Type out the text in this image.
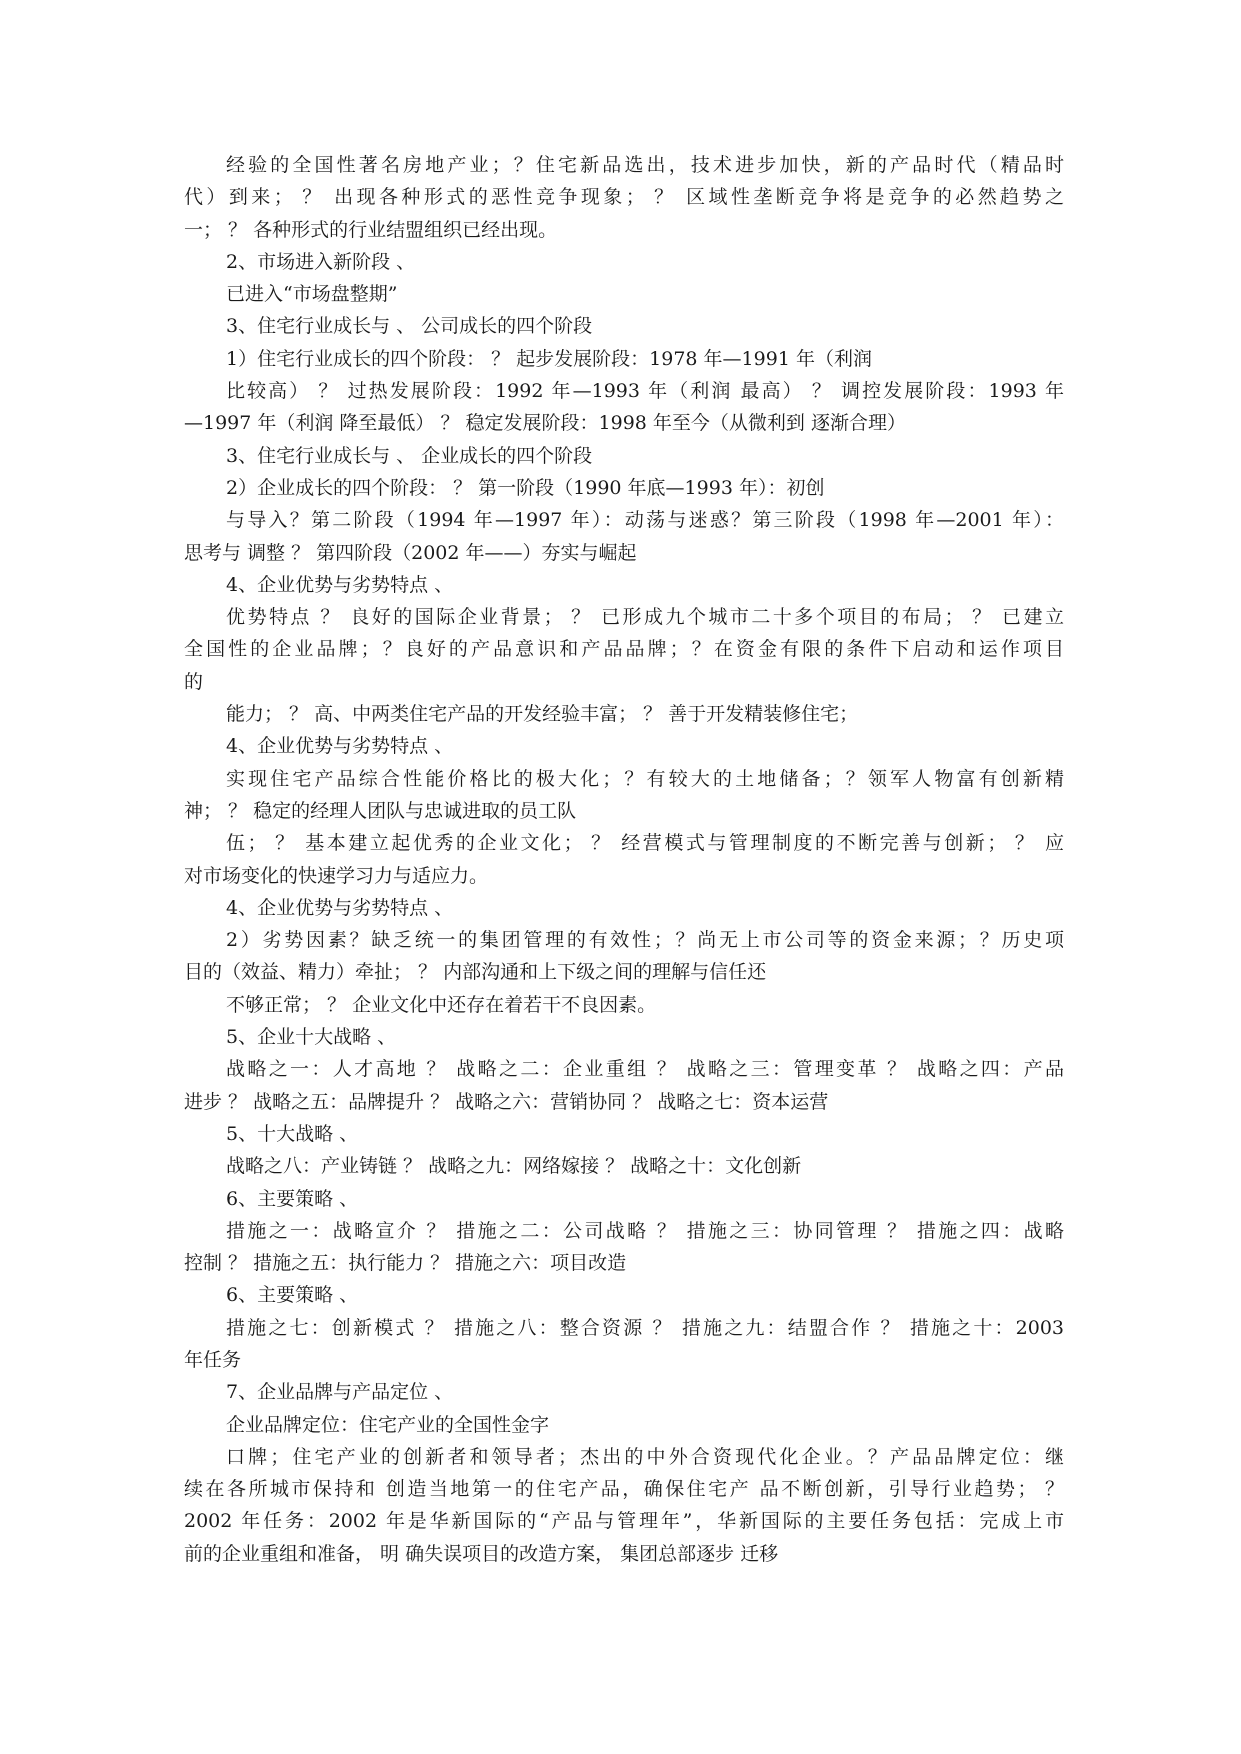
经验的全国性著名房地产业；？住宅新品选出，技术进步加快，新的产品时代（精品时
代）到来； ？ 出现各种形式的恶性竞争现象； ？ 区域性垄断竞争将是竞争的必然趋势之
一； ？ 各种形式的行业结盟组织已经出现。
2、市场进入新阶段 、
已进入“市场盘整期”
3、住宅行业成长与 、 公司成长的四个阶段
1）住宅行业成长的四个阶段： ？ 起步发展阶段：1978 年—1991 年（利润
比较高） ？ 过热发展阶段：1992 年—1993 年（利润 最高） ？ 调控发展阶段：1993 年
—1997 年（利润 降至最低） ？ 稳定发展阶段：1998 年至今（从微利到 逐渐合理）
3、住宅行业成长与 、 企业成长的四个阶段
2）企业成长的四个阶段： ？ 第一阶段（1990 年底—1993 年）：初创
与导入？第二阶段（1994 年—1997 年）：动荡与迷惑？第三阶段（1998 年—2001 年）：
思考与 调整 ？ 第四阶段（2002 年——）夯实与崛起
4、企业优势与劣势特点 、
优势特点 ？ 良好的国际企业背景； ？ 已形成九个城市二十多个项目的布局； ？ 已建立
全国性的企业品牌；？良好的产品意识和产品品牌；？在资金有限的条件下启动和运作项目
的
能力； ？ 高、中两类住宅产品的开发经验丰富； ？ 善于开发精装修住宅；
4、企业优势与劣势特点 、
实现住宅产品综合性能价格比的极大化；？有较大的土地储备；？领军人物富有创新精
神； ？ 稳定的经理人团队与忠诚进取的员工队
伍； ？ 基本建立起优秀的企业文化； ？ 经营模式与管理制度的不断完善与创新； ？ 应
对市场变化的快速学习力与适应力。
4、企业优势与劣势特点 、
2）劣势因素？缺乏统一的集团管理的有效性；？尚无上市公司等的资金来源；？历史项
目的（效益、精力）牵扯； ？ 内部沟通和上下级之间的理解与信任还
不够正常； ？ 企业文化中还存在着若干不良因素。
5、企业十大战略 、
战略之一：人才高地 ？ 战略之二：企业重组 ？ 战略之三：管理变革 ？ 战略之四：产品
进步 ？ 战略之五：品牌提升 ？ 战略之六：营销协同 ？ 战略之七：资本运营
5、十大战略 、
战略之八：产业铸链 ？ 战略之九：网络嫁接 ？ 战略之十：文化创新
6、主要策略 、
措施之一：战略宣介 ？ 措施之二：公司战略 ？ 措施之三：协同管理 ？ 措施之四：战略
控制 ？ 措施之五：执行能力 ？ 措施之六：项目改造
6、主要策略 、
措施之七：创新模式 ？ 措施之八：整合资源 ？ 措施之九：结盟合作 ？ 措施之十：2003
年任务
7、企业品牌与产品定位 、
企业品牌定位：住宅产业的全国性金字
口牌；住宅产业的创新者和领导者；杰出的中外合资现代化企业。？产品品牌定位：继
续在各所城市保持和 创造当地第一的住宅产品，确保住宅产 品不断创新，引导行业趋势； ？
2002 年任务：2002 年是华新国际的“产品与管理年”，华新国际的主要任务包括：完成上市
前的企业重组和准备， 明 确失误项目的改造方案， 集团总部逐步 迁移
